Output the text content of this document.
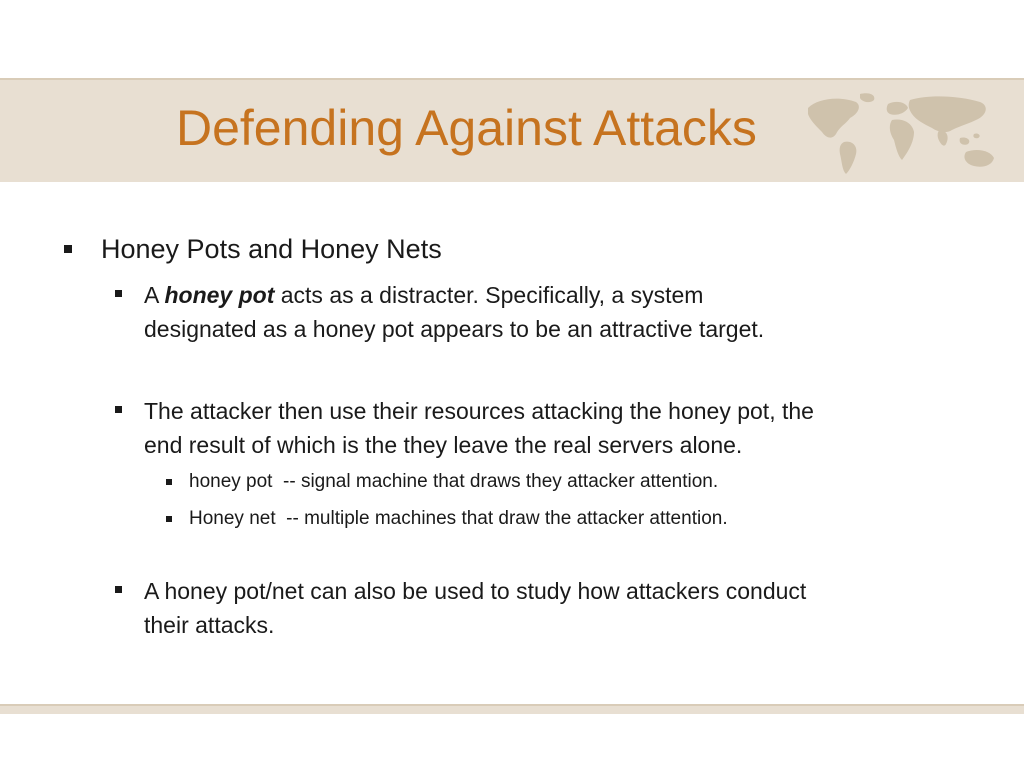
Defending Against Attacks
Honey Pots and Honey Nets
A honey pot acts as a distracter. Specifically, a system
designated as a honey pot appears to be an attractive target.
The attacker then use their resources attacking the honey pot, the
end result of which is the they leave the real servers alone.
honey pot  -- signal machine that draws they attacker attention.
Honey net  -- multiple machines that draw the attacker attention.
A honey pot/net can also be used to study how attackers conduct
their attacks.
